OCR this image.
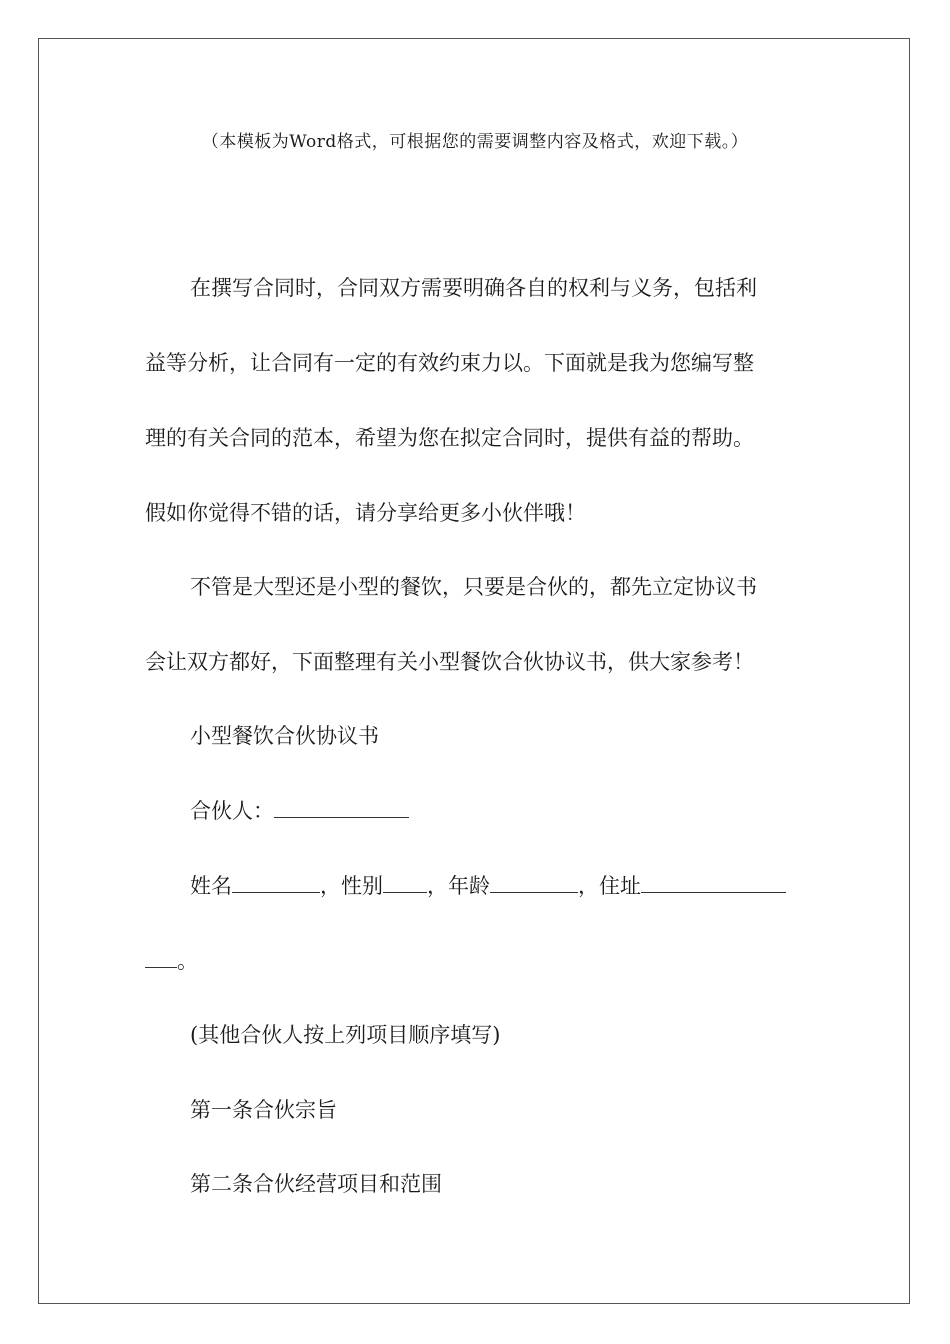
（本模板为Word格式，可根据您的需要调整内容及格式，欢迎下载。）
在撰写合同时，合同双方需要明确各自的权利与义务，包括利
益等分析，让合同有一定的有效约束力以。下面就是我为您编写整
理的有关合同的范本，希望为您在拟定合同时，提供有益的帮助。
假如你觉得不错的话，请分享给更多小伙伴哦！
不管是大型还是小型的餐饮，只要是合伙的，都先立定协议书
会让双方都好，下面整理有关小型餐饮合伙协议书，供大家参考！
小型餐饮合伙协议书
合伙人：
姓名	，性别 ，年龄	，住址
。
(其他合伙人按上列项目顺序填写)
第一条合伙宗旨
第二条合伙经营项目和范围
